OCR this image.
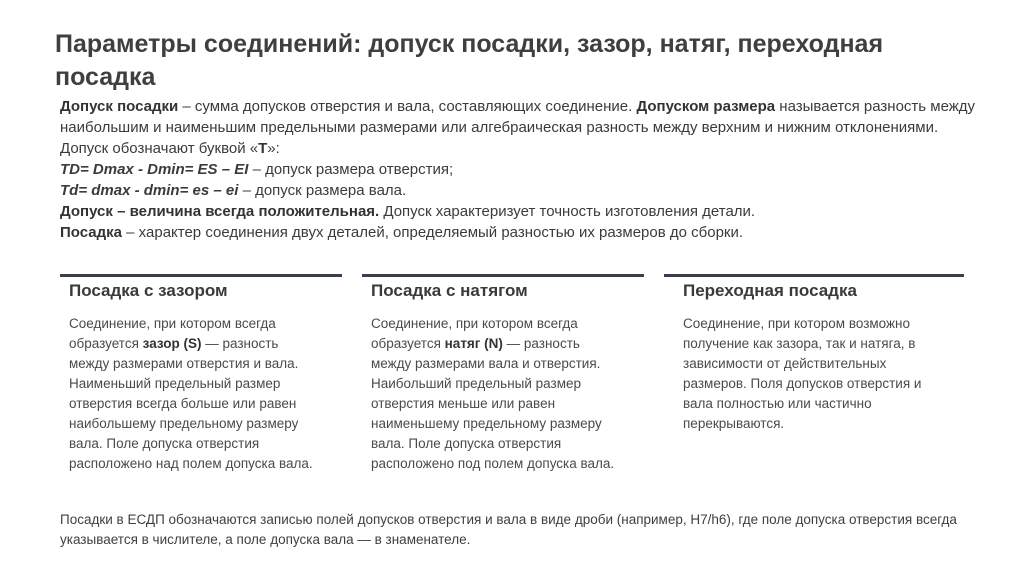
Параметры соединений: допуск посадки, зазор, натяг, переходная посадка

Допуск посадки – сумма допусков отверстия и вала, составляющих соединение. Допуском размера называется разность между наибольшим и наименьшим предельными размерами или алгебраическая разность между верхним и нижним отклонениями.

Допуск обозначают буквой «Т»:

TD= Dmax - Dmin= ES – EI – допуск размера отверстия;

Td= dmax - dmin= es – ei – допуск размера вала.

Допуск – величина всегда положительная. Допуск характеризует точность изготовления детали.

Посадка – характер соединения двух деталей, определяемый разностью их размеров до сборки.

Посадка с зазором	Посадка с натягом	Переходная посадка
Соединение, при котором всегда образуется зазор (S) — разность между размерами отверстия и вала. Наименьший предельный размер отверстия всегда больше или равен наибольшему предельному размеру вала. Поле допуска отверстия расположено над полем допуска вала.
Соединение, при котором всегда образуется натяг (N) — разность между размерами вала и отверстия. Наибольший предельный размер отверстия меньше или равен наименьшему предельному размеру вала. Поле допуска отверстия расположено под полем допуска вала.
Соединение, при котором возможно получение как зазора, так и натяга, в зависимости от действительных размеров. Поля допусков отверстия и вала полностью или частично перекрываются.
Посадки в ЕСДП обозначаются записью полей допусков отверстия и вала в виде дроби (например, H7/h6), где поле допуска отверстия всегда указывается в числителе, а поле допуска вала — в знаменателе.
